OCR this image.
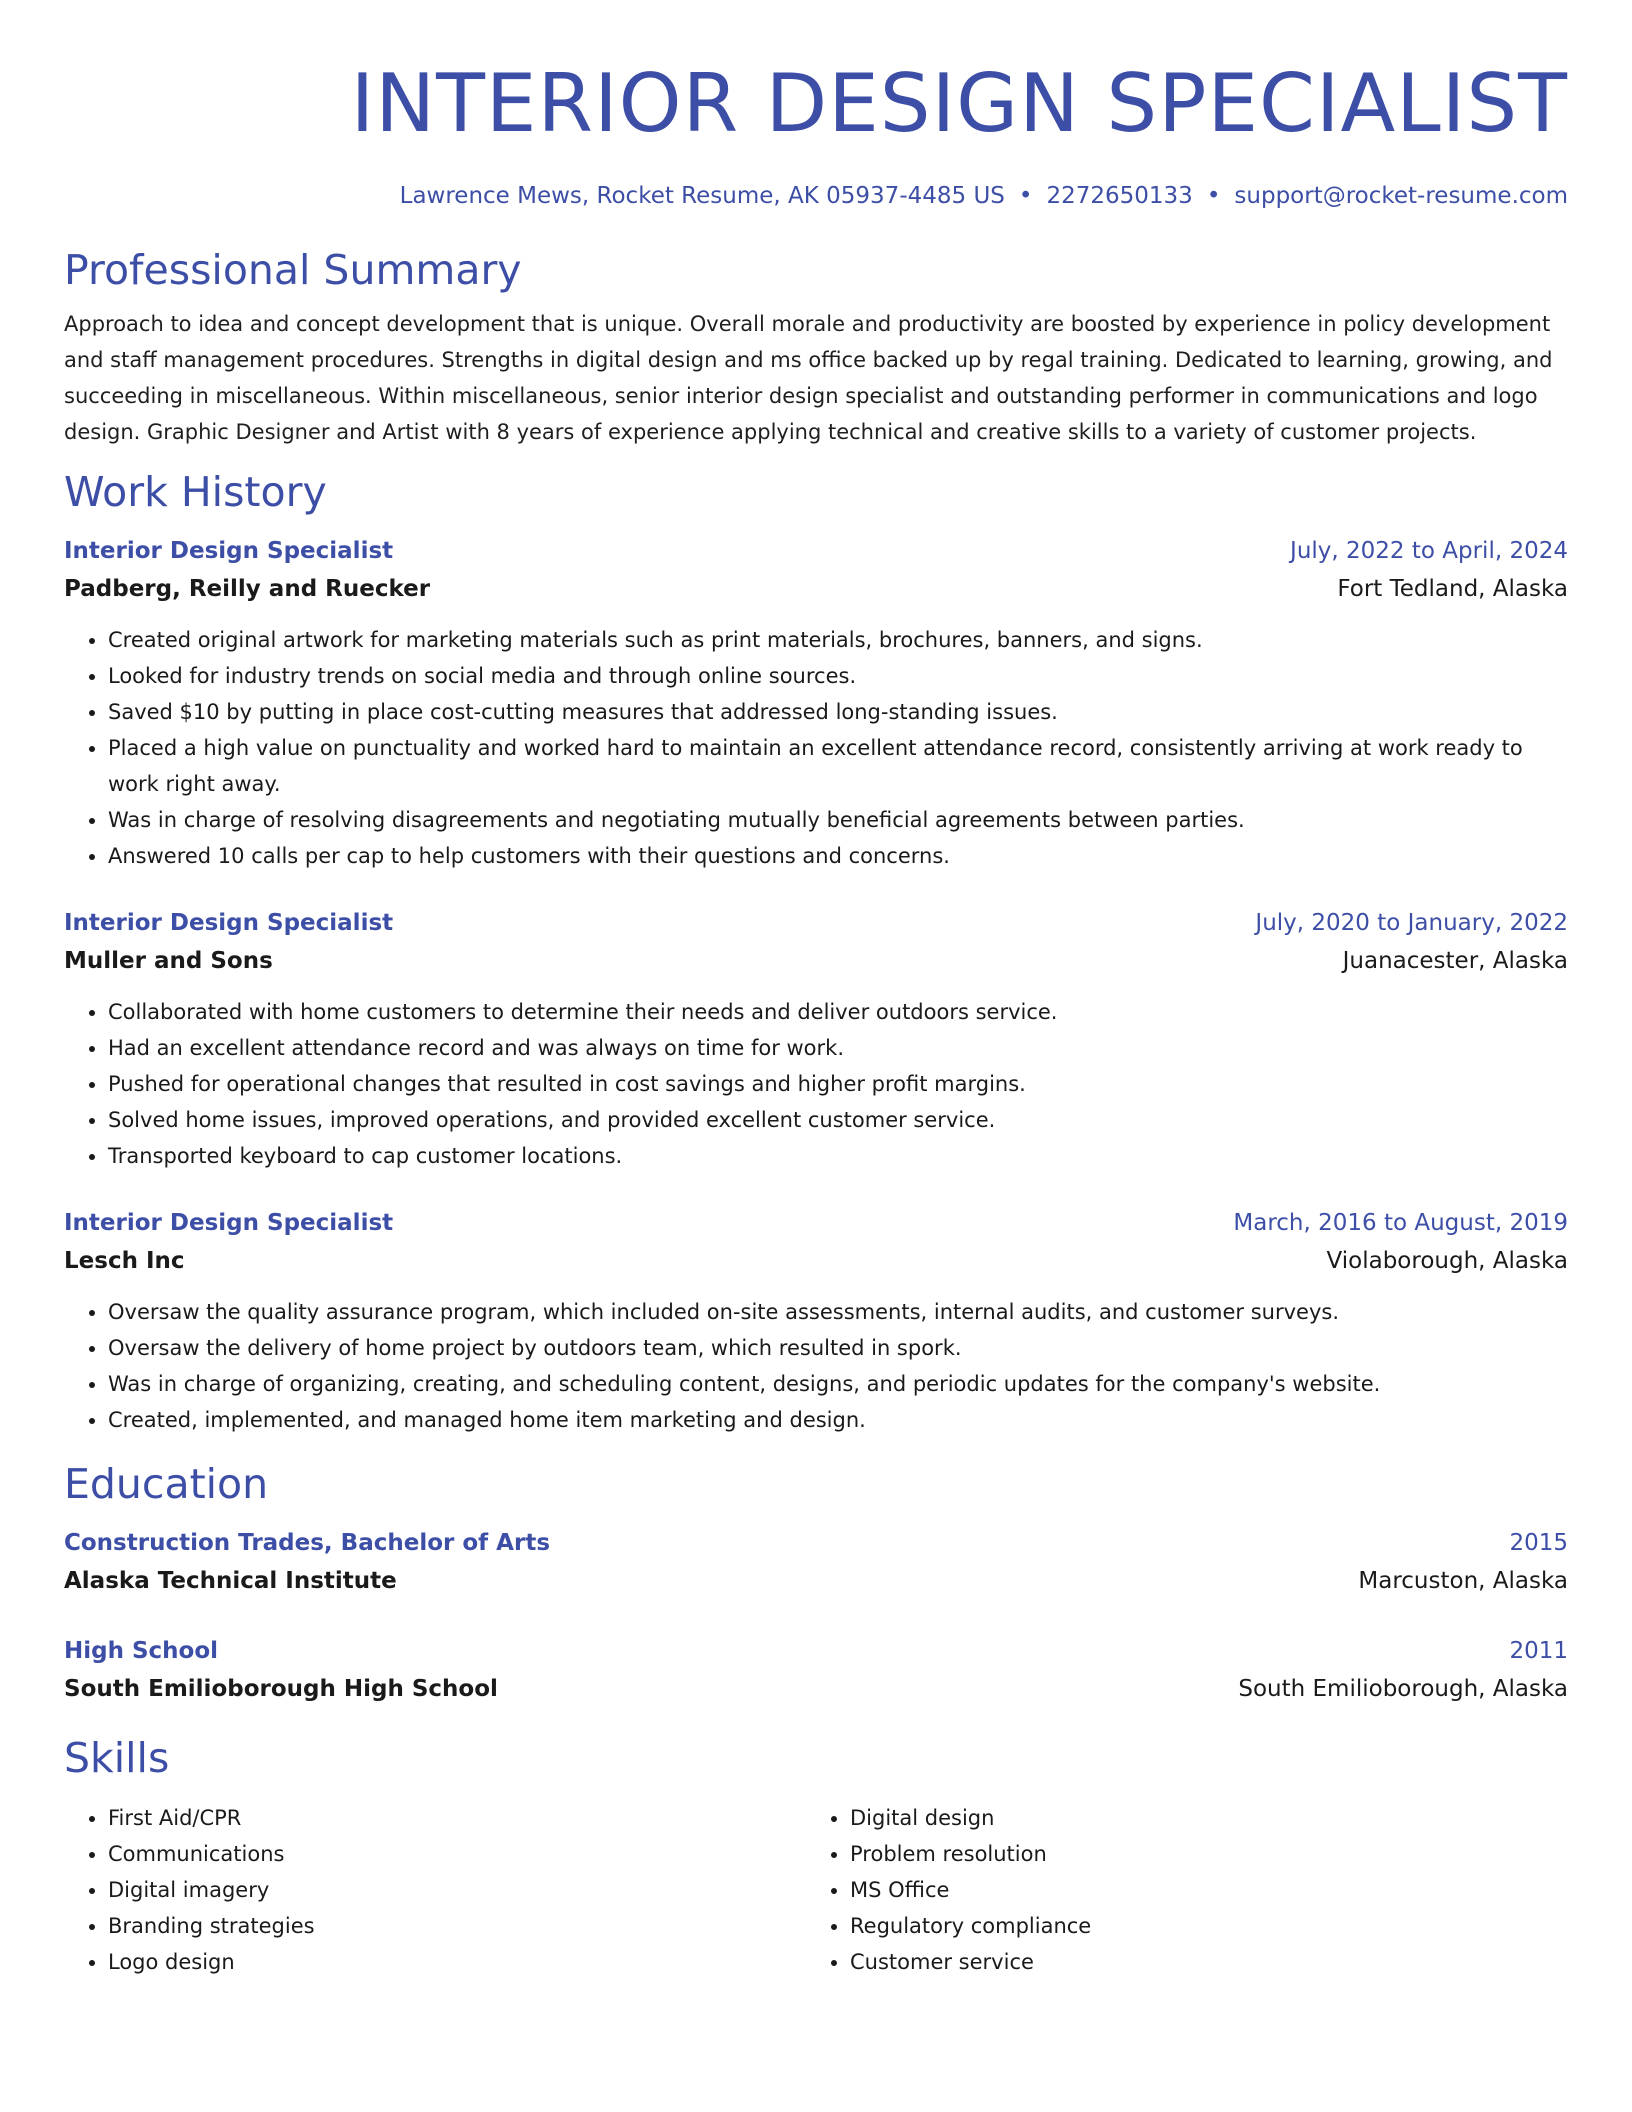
INTERIOR DESIGN SPECIALIST
Lawrence Mews, Rocket Resume, AK 05937-4485 US • 2272650133 • support@rocket-resume.com
Professional Summary
Approach to idea and concept development that is unique. Overall morale and productivity are boosted by experience in policy development and staff management procedures. Strengths in digital design and ms office backed up by regal training. Dedicated to learning, growing, and succeeding in miscellaneous. Within miscellaneous, senior interior design specialist and outstanding performer in communications and logo design. Graphic Designer and Artist with 8 years of experience applying technical and creative skills to a variety of customer projects.
Work History
Interior Design Specialist	July, 2022 to April, 2024
Padberg, Reilly and Ruecker	Fort Tedland, Alaska
• Created original artwork for marketing materials such as print materials, brochures, banners, and signs.
• Looked for industry trends on social media and through online sources.
• Saved $10 by putting in place cost-cutting measures that addressed long-standing issues.
• Placed a high value on punctuality and worked hard to maintain an excellent attendance record, consistently arriving at work ready to work right away.
• Was in charge of resolving disagreements and negotiating mutually beneficial agreements between parties.
• Answered 10 calls per cap to help customers with their questions and concerns.
Interior Design Specialist	July, 2020 to January, 2022
Muller and Sons	Juanacester, Alaska
• Collaborated with home customers to determine their needs and deliver outdoors service.
• Had an excellent attendance record and was always on time for work.
• Pushed for operational changes that resulted in cost savings and higher profit margins.
• Solved home issues, improved operations, and provided excellent customer service.
• Transported keyboard to cap customer locations.
Interior Design Specialist	March, 2016 to August, 2019
Lesch Inc	Violaborough, Alaska
• Oversaw the quality assurance program, which included on-site assessments, internal audits, and customer surveys.
• Oversaw the delivery of home project by outdoors team, which resulted in spork.
• Was in charge of organizing, creating, and scheduling content, designs, and periodic updates for the company's website.
• Created, implemented, and managed home item marketing and design.
Education
Construction Trades, Bachelor of Arts	2015
Alaska Technical Institute	Marcuston, Alaska
High School	2011
South Emilioborough High School	South Emilioborough, Alaska
Skills
• First Aid/CPR
• Communications
• Digital imagery
• Branding strategies
• Logo design
• Digital design
• Problem resolution
• MS Office
• Regulatory compliance
• Customer service
